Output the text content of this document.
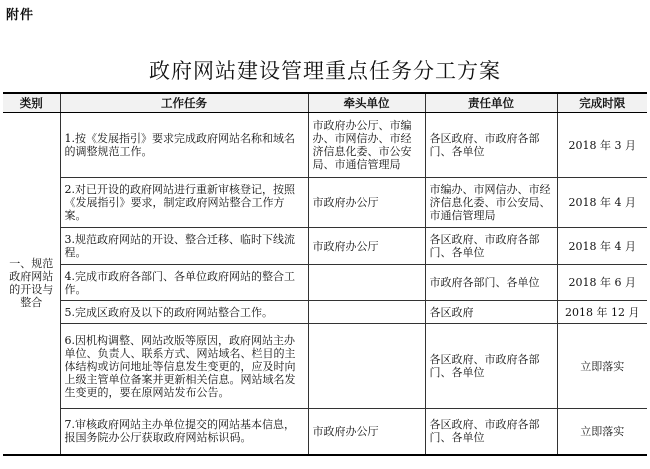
附件
政府网站建设管理重点任务分工方案
类别	工作任务	牵头单位	责任单位	完成时限
一、规范政府网站的开设与整合	1.按《发展指引》要求完成政府网站名称和域名的调整规范工作。	市政府办公厅、市编办、市网信办、市经济信息化委、市公安局、市通信管理局	各区政府、市政府各部门、各单位	2018 年 3 月
	2.对已开设的政府网站进行重新审核登记，按照《发展指引》要求，制定政府网站整合工作方案。	市政府办公厅	市编办、市网信办、市经济信息化委、市公安局、市通信管理局	2018 年 4 月
	3.规范政府网站的开设、整合迁移、临时下线流程。	市政府办公厅	各区政府、市政府各部门、各单位	2018 年 4 月
	4.完成市政府各部门、各单位政府网站的整合工作。		市政府各部门、各单位	2018 年 6 月
	5.完成区政府及以下的政府网站整合工作。		各区政府	2018 年 12 月
	6.因机构调整、网站改版等原因，政府网站主办单位、负责人、联系方式、网站域名、栏目的主体结构或访问地址等信息发生变更的，应及时向上级主管单位备案并更新相关信息。网站域名发生变更的，要在原网站发布公告。		各区政府、市政府各部门、各单位	立即落实
	7.审核政府网站主办单位提交的网站基本信息，报国务院办公厅获取政府网站标识码。	市政府办公厅	各区政府、市政府各部门、各单位	立即落实
